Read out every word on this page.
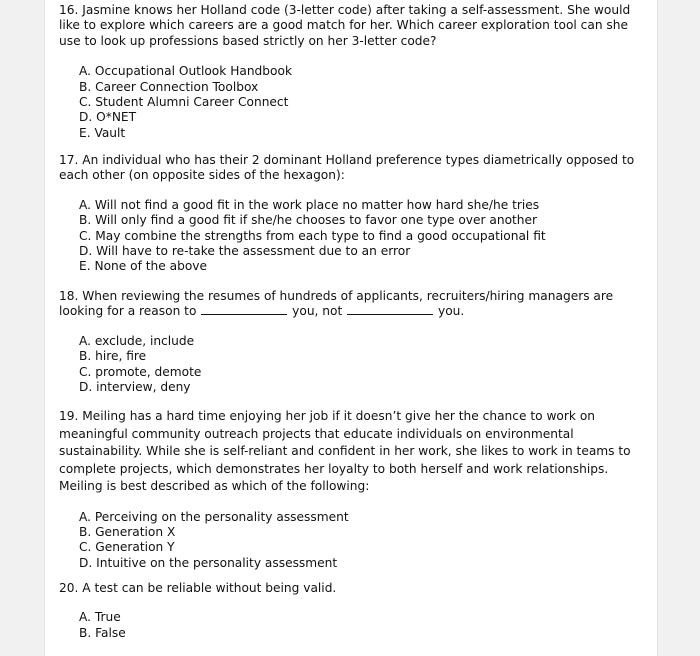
16. Jasmine knows her Holland code (3-letter code) after taking a self-assessment. She would like to explore which careers are a good match for her. Which career exploration tool can she use to look up professions based strictly on her 3-letter code?

A. Occupational Outlook Handbook
B. Career Connection Toolbox
C. Student Alumni Career Connect
D. O*NET
E. Vault

17. An individual who has their 2 dominant Holland preference types diametrically opposed to each other (on opposite sides of the hexagon):

A. Will not find a good fit in the work place no matter how hard she/he tries
B. Will only find a good fit if she/he chooses to favor one type over another
C. May combine the strengths from each type to find a good occupational fit
D. Will have to re-take the assessment due to an error
E. None of the above

18. When reviewing the resumes of hundreds of applicants, recruiters/hiring managers are looking for a reason to	you, not	you.

A. exclude, include
B. hire, fire
C. promote, demote
D. interview, deny

19. Meiling has a hard time enjoying her job if it doesn’t give her the chance to work on meaningful community outreach projects that educate individuals on environmental sustainability. While she is self-reliant and confident in her work, she likes to work in teams to complete projects, which demonstrates her loyalty to both herself and work relationships. Meiling is best described as which of the following:

A. Perceiving on the personality assessment
B. Generation X
C. Generation Y
D. Intuitive on the personality assessment

20. A test can be reliable without being valid.

A. True
B. False
